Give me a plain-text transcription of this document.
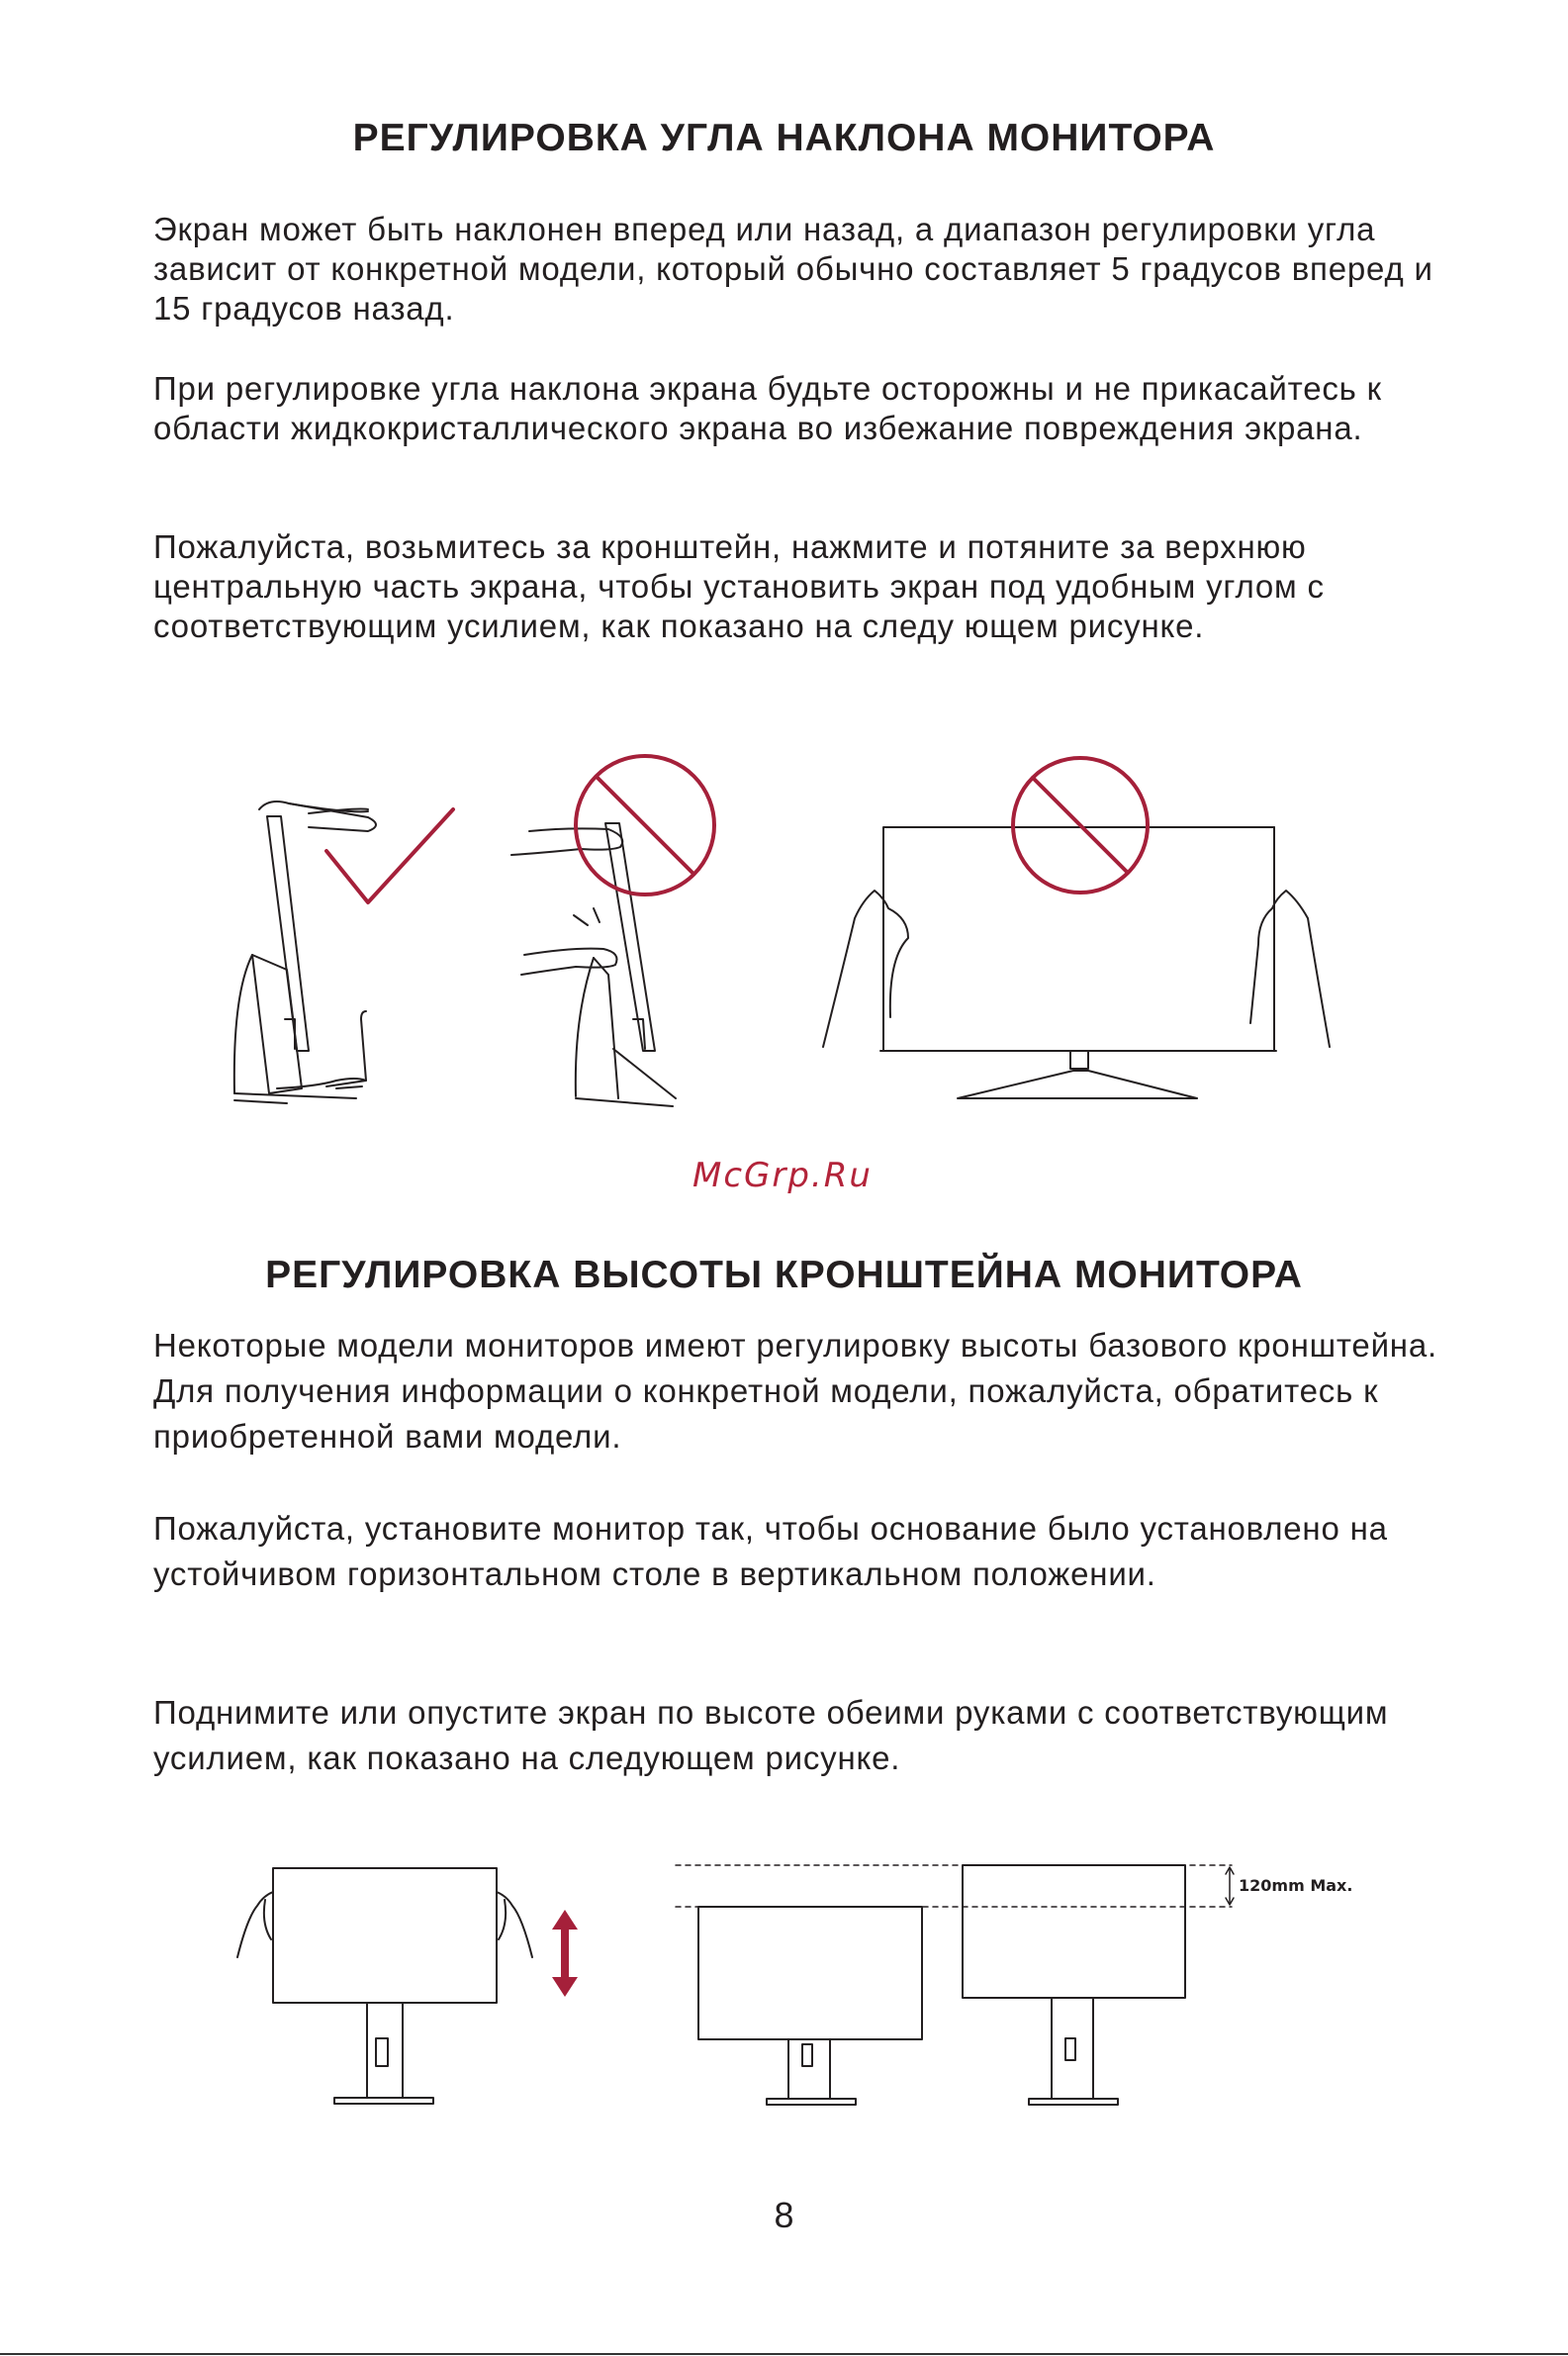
РЕГУЛИРОВКА УГЛА НАКЛОНА МОНИТОРА

Экран может быть наклонен вперед или назад, а диапазон регулировки угла зависит от конкретной модели, который обычно составляет 5 градусов вперед и 15 градусов назад.

При регулировке угла наклона экрана будьте осторожны и не прикасайтесь к области жидкокристаллического экрана во избежание повреждения экрана.

Пожалуйста, возьмитесь за кронштейн, нажмите и потяните за верхнюю центральную часть экрана, чтобы установить экран под удобным углом с соответствующим усилием, как показано на следу ющем рисунке.

McGrp.Ru
РЕГУЛИРОВКА ВЫСОТЫ КРОНШТЕЙНА МОНИТОРА

Некоторые модели мониторов имеют регулировку высоты базового кронштейна. Для получения информации о конкретной модели, пожалуйста, обратитесь к приобретенной вами модели.

Пожалуйста, установите монитор так, чтобы основание было установлено на устойчивом горизонтальном столе в вертикальном положении.

Поднимите или опустите экран по высоте обеими руками с соответствующим усилием, как показано на следующем рисунке.

120mm Max.
8
